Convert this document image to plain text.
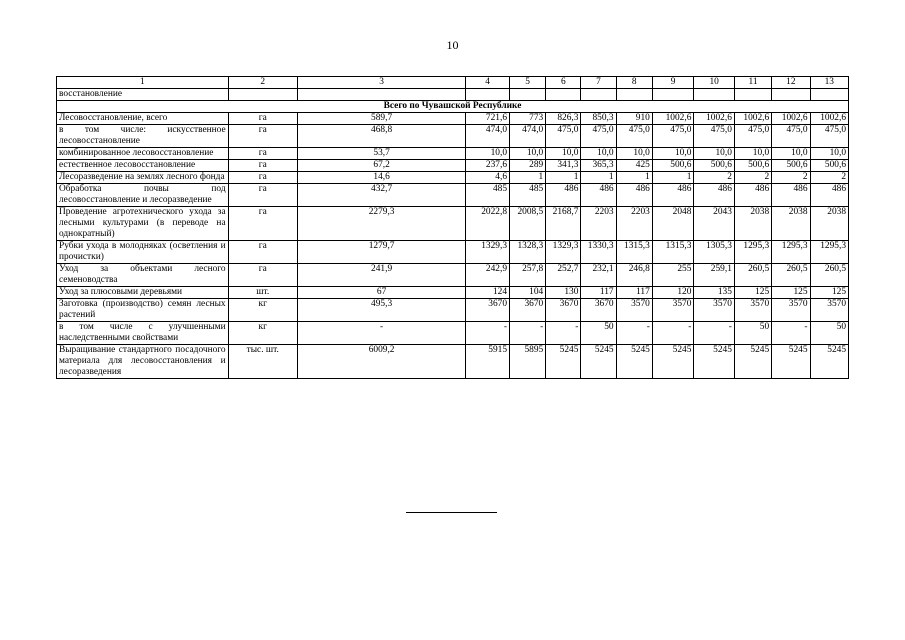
10
1	2	3	4	5	6	7	8	9	10	11	12	13
восстановление												
Всего по Чувашской Республике												
Лесовосстановление, всего	га	589,7	721,6	773	826,3	850,3	910	1002,6	1002,6	1002,6	1002,6	1002,6
в том числе: искусственное лесовосстановление	га	468,8	474,0	474,0	475,0	475,0	475,0	475,0	475,0	475,0	475,0	475,0
комбинированное лесовосстановление	га	53,7	10,0	10,0	10,0	10,0	10,0	10,0	10,0	10,0	10,0	10,0
естественное лесовосстановление	га	67,2	237,6	289	341,3	365,3	425	500,6	500,6	500,6	500,6	500,6
Лесоразведение на землях лесного фонда	га	14,6	4,6	1	1	1	1	1	2	2	2	2
Обработка почвы под лесовосстановление и лесоразведение	га	432,7	485	485	486	486	486	486	486	486	486	486
Проведение агротехнического ухода за лесными культурами (в переводе на однократный)	га	2279,3	2022,8	2008,5	2168,7	2203	2203	2048	2043	2038	2038	2038
Рубки ухода в молодняках (осветления и прочистки)	га	1279,7	1329,3	1328,3	1329,3	1330,3	1315,3	1315,3	1305,3	1295,3	1295,3	1295,3
Уход за объектами лесного семеноводства	га	241,9	242,9	257,8	252,7	232,1	246,8	255	259,1	260,5	260,5	260,5
Уход за плюсовыми деревьями	шт.	67	124	104	130	117	117	120	135	125	125	125
Заготовка (производство) семян лесных растений	кг	495,3	3670	3670	3670	3670	3570	3570	3570	3570	3570	3570
в том числе с улучшенными наследственными свойствами	кг	-	-	-	-	50	-	-	-	50	-	50
Выращивание стандартного посадочного материала для лесовосстановления и лесоразведения	тыс. шт.	6009,2	5915	5895	5245	5245	5245	5245	5245	5245	5245	5245
